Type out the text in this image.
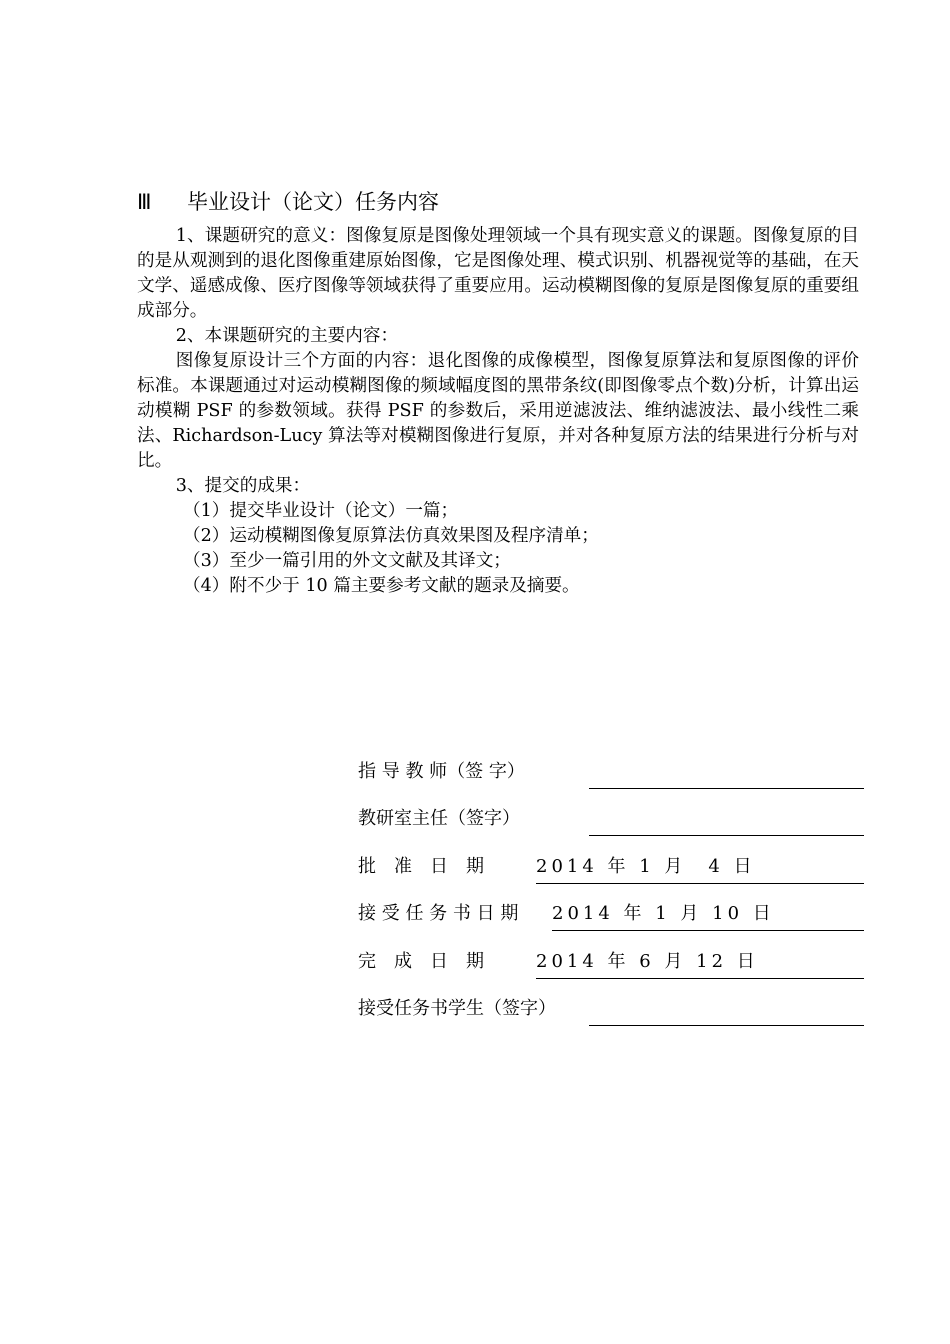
Ⅲ 毕业设计（论文）任务内容

1、课题研究的意义：图像复原是图像处理领域一个具有现实意义的课题。图像复原的目的是从观测到的退化图像重建原始图像，它是图像处理、模式识别、机器视觉等的基础，在天文学、遥感成像、医疗图像等领域获得了重要应用。运动模糊图像的复原是图像复原的重要组成部分。

2、本课题研究的主要内容：

图像复原设计三个方面的内容：退化图像的成像模型，图像复原算法和复原图像的评价标准。本课题通过对运动模糊图像的频域幅度图的黑带条纹(即图像零点个数)分析，计算出运动模糊 PSF 的参数领域。获得 PSF 的参数后，采用逆滤波法、维纳滤波法、最小线性二乘法、Richardson-Lucy 算法等对模糊图像进行复原，并对各种复原方法的结果进行分析与对比。

3、提交的成果：

（1）提交毕业设计（论文）一篇；

（2）运动模糊图像复原算法仿真效果图及程序清单；

（3）至少一篇引用的外文文献及其译文；

（4）附不少于 10 篇主要参考文献的题录及摘要。

指 导 教 师（签 字）
教研室主任（签字）
批　准　日　期	2014 年 1 月　4 日
接 受 任 务 书 日 期 2014 年 1 月 10 日
完　成　日　期	2014 年 6 月 12 日
接受任务书学生（签字）
